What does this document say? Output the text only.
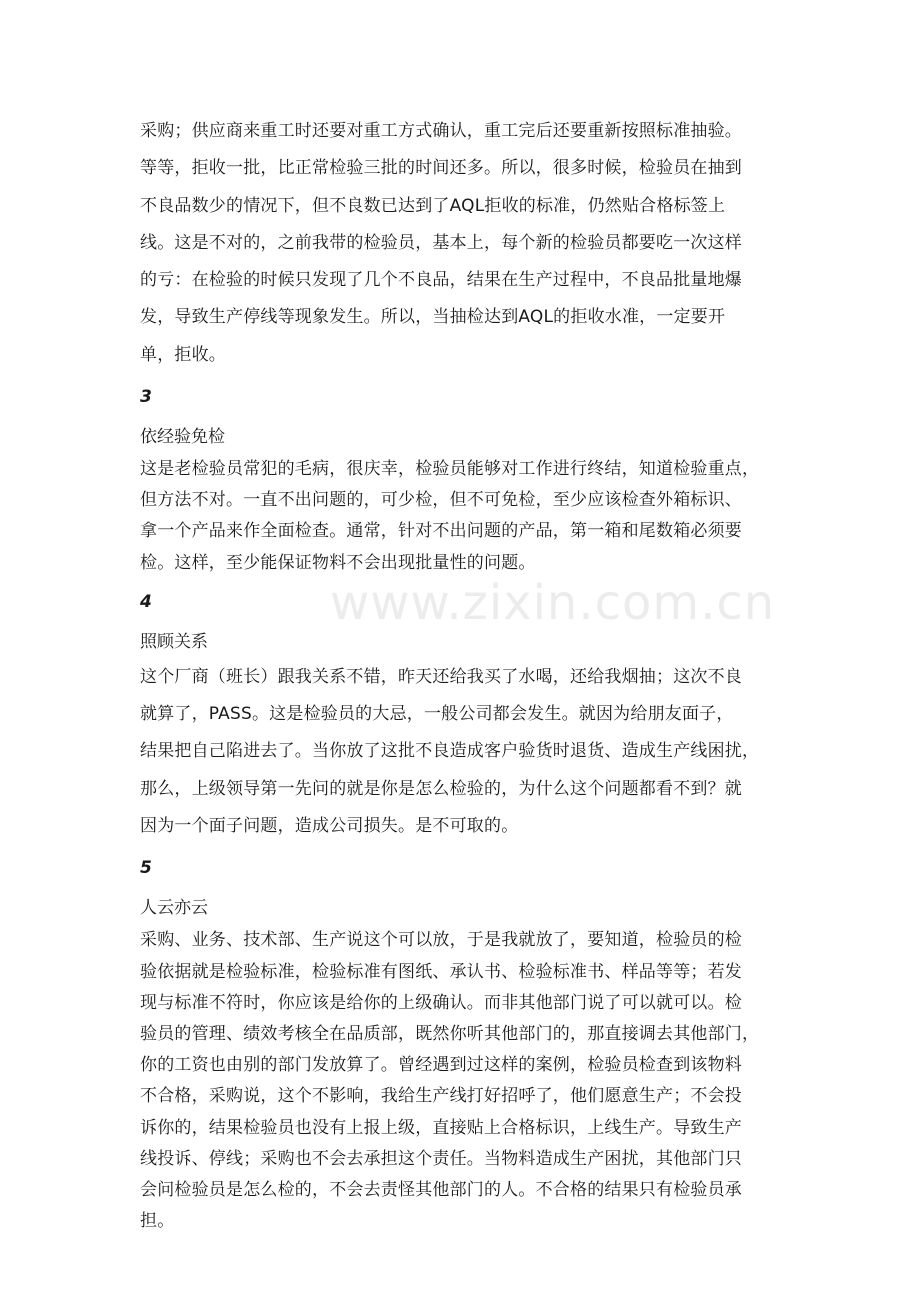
www.zixin.com.cn

采购；供应商来重工时还要对重工方式确认，重工完后还要重新按照标准抽验。
等等，拒收一批，比正常检验三批的时间还多。所以，很多时候，检验员在抽到
不良品数少的情况下，但不良数已达到了AQL拒收的标准，仍然贴合格标签上
线。这是不对的，之前我带的检验员，基本上，每个新的检验员都要吃一次这样
的亏：在检验的时候只发现了几个不良品，结果在生产过程中，不良品批量地爆
发，导致生产停线等现象发生。所以，当抽检达到AQL的拒收水准，一定要开
单，拒收。

3

依经验免检

这是老检验员常犯的毛病，很庆幸，检验员能够对工作进行终结，知道检验重点，
但方法不对。一直不出问题的，可少检，但不可免检，至少应该检查外箱标识、
拿一个产品来作全面检查。通常，针对不出问题的产品，第一箱和尾数箱必须要
检。这样，至少能保证物料不会出现批量性的问题。

4

照顾关系

这个厂商（班长）跟我关系不错，昨天还给我买了水喝，还给我烟抽；这次不良
就算了，PASS。这是检验员的大忌，一般公司都会发生。就因为给朋友面子，
结果把自己陷进去了。当你放了这批不良造成客户验货时退货、造成生产线困扰，
那么，上级领导第一先问的就是你是怎么检验的，为什么这个问题都看不到？就
因为一个面子问题，造成公司损失。是不可取的。

5

人云亦云

采购、业务、技术部、生产说这个可以放，于是我就放了，要知道，检验员的检
验依据就是检验标准，检验标准有图纸、承认书、检验标准书、样品等等；若发
现与标准不符时，你应该是给你的上级确认。而非其他部门说了可以就可以。检
验员的管理、绩效考核全在品质部，既然你听其他部门的，那直接调去其他部门，
你的工资也由别的部门发放算了。曾经遇到过这样的案例，检验员检查到该物料
不合格，采购说，这个不影响，我给生产线打好招呼了，他们愿意生产；不会投
诉你的，结果检验员也没有上报上级，直接贴上合格标识，上线生产。导致生产
线投诉、停线；采购也不会去承担这个责任。当物料造成生产困扰，其他部门只
会问检验员是怎么检的，不会去责怪其他部门的人。不合格的结果只有检验员承
担。
